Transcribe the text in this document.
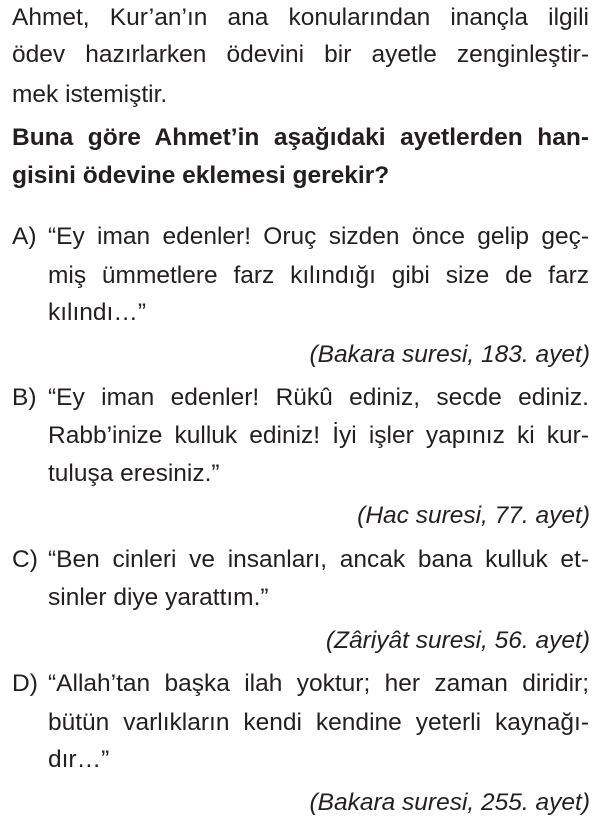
Ahmet, Kur’an’ın ana konularından inançla ilgili
ödev hazırlarken ödevini bir ayetle zenginleştir-
mek istemiştir.
Buna göre Ahmet’in aşağıdaki ayetlerden han-
gisini ödevine eklemesi gerekir?
A) “Ey iman edenler! Oruç sizden önce gelip geç-
miş ümmetlere farz kılındığı gibi size de farz
kılındı…”
(Bakara suresi, 183. ayet)
B) “Ey iman edenler! Rükû ediniz, secde ediniz.
Rabb’inize kulluk ediniz! İyi işler yapınız ki kur-
tuluşa eresiniz.”
(Hac suresi, 77. ayet)
C) “Ben cinleri ve insanları, ancak bana kulluk et-
sinler diye yarattım.”
(Zâriyât suresi, 56. ayet)
D) “Allah’tan başka ilah yoktur; her zaman diridir;
bütün varlıkların kendi kendine yeterli kaynağı-
dır…”
(Bakara suresi, 255. ayet)
